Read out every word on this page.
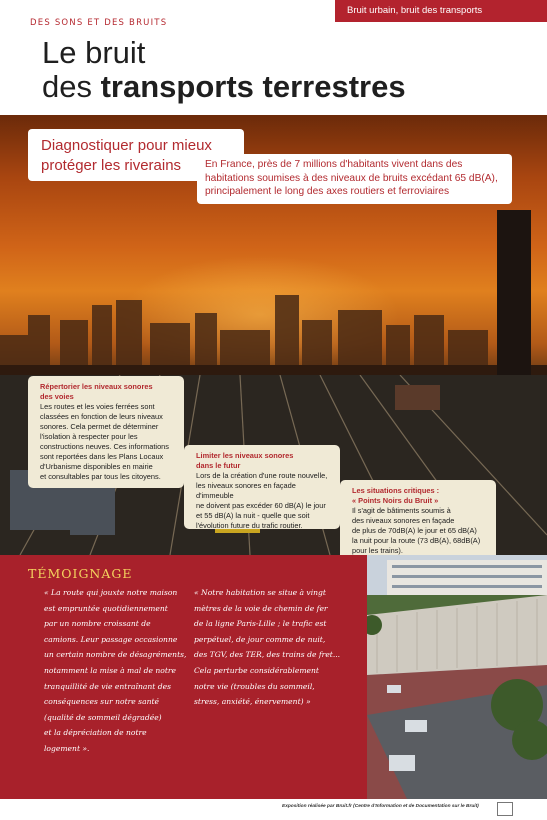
DES SONS ET DES BRUITS
Bruit urbain, bruit des transports
Le bruit
des transports terrestres
Diagnostiquer pour mieux
protéger les riverains	En France, près de 7 millions d'habitants vivent dans des
habitations soumises à des niveaux de bruits excédant 65 dB(A),
principalement le long des axes routiers et ferroviaires
Répertorier les niveaux sonores
des voies
Les routes et les voies ferrées sont
classées en fonction de leurs niveaux
sonores. Cela permet de déterminer
l'isolation à respecter pour les
constructions neuves. Ces informations
sont reportées dans les Plans Locaux
d'Urbanisme disponibles en mairie
et consultables par tous les citoyens.
Limiter les niveaux sonores
dans le futur
Lors de la création d'une route nouvelle,
les niveaux sonores en façade d'immeuble
ne doivent pas excéder 60 dB(A) le jour
et 55 dB(A) la nuit - quelle que soit
l'évolution future du trafic routier.
Les situations critiques :
« Points Noirs du Bruit »
Il s'agit de bâtiments soumis à
des niveaux sonores en façade
de plus de 70dB(A) le jour et 65 dB(A)
la nuit pour la route (73 dB(A), 68dB(A)
pour les trains).
TÉMOIGNAGE
« La route qui jouxte notre maison
est empruntée quotidiennement
par un nombre croissant de
camions. Leur passage occasionne
un certain nombre de désagréments,
notamment la mise à mal de notre
tranquillité de vie entraînant des
conséquences sur notre santé
(qualité de sommeil dégradée)
et la dépréciation de notre
logement ».
« Notre habitation se situe à vingt
mètres de la voie de chemin de fer
de la ligne Paris-Lille ; le trafic est
perpétuel, de jour comme de nuit,
des TGV, des TER, des trains de fret...
Cela perturbe considérablement
notre vie (troubles du sommeil,
stress, anxiété, énervement) »
Exposition réalisée par Bruit.fr (Centre d'Information et de Documentation sur le Bruit)
